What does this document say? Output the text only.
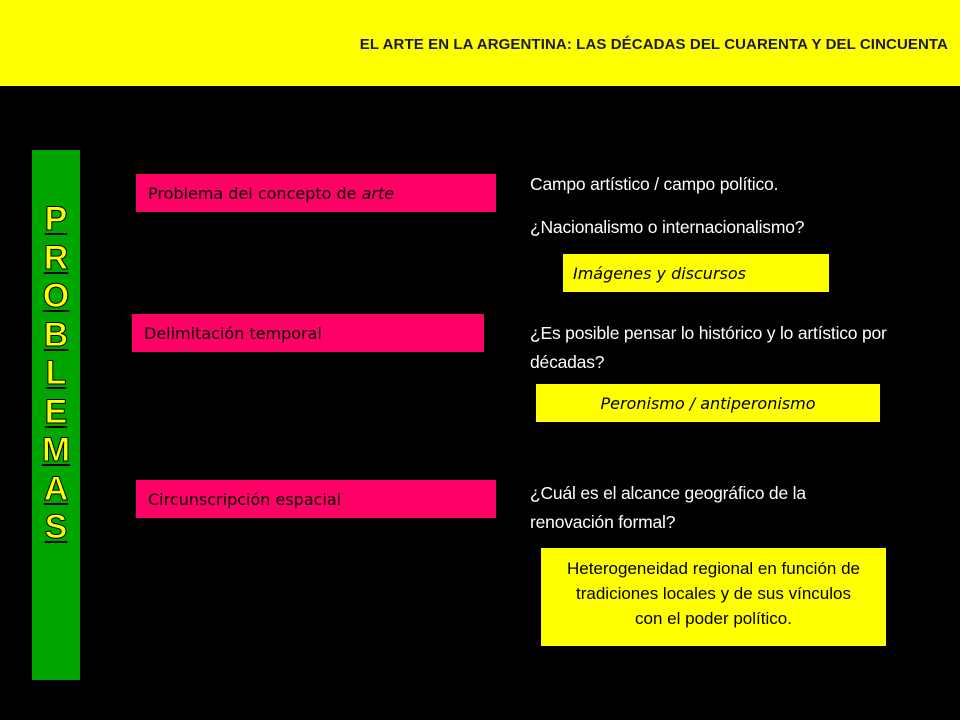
EL ARTE EN LA ARGENTINA: LAS DÉCADAS DEL CUARENTA Y DEL CINCUENTA
P
R
O
B
L
E
M
A
S
Problema del concepto de arte	Campo artístico / campo político.
¿Nacionalismo o internacionalismo?
Imágenes y discursos
Delimitación temporal	¿Es posible pensar lo histórico y lo artístico por décadas?
Peronismo / antiperonismo
Circunscripción espacial	¿Cuál es el alcance geográfico de la renovación formal?
Heterogeneidad regional en función de tradiciones locales y de sus vínculos con el poder político.
